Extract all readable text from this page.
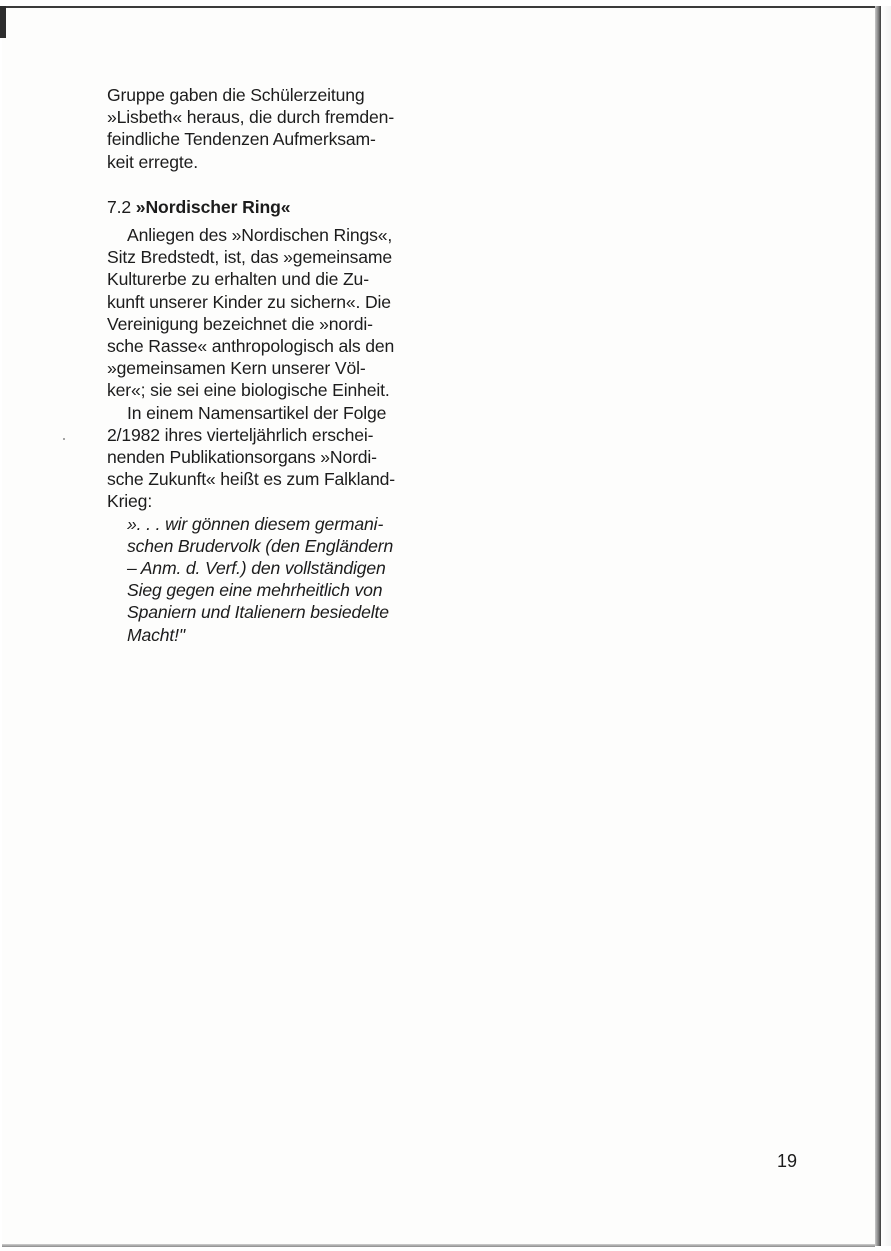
Gruppe gaben die Schülerzeitung
»Lisbeth« heraus, die durch fremden-
feindliche Tendenzen Aufmerksam-
keit erregte.

7.2 »Nordischer Ring«

Anliegen des »Nordischen Rings«,
Sitz Bredstedt, ist, das »gemeinsame
Kulturerbe zu erhalten und die Zu-
kunft unserer Kinder zu sichern«. Die
Vereinigung bezeichnet die »nordi-
sche Rasse« anthropologisch als den
»gemeinsamen Kern unserer Völ-
ker«; sie sei eine biologische Einheit.

In einem Namensartikel der Folge
2/1982 ihres vierteljährlich erschei-
nenden Publikationsorgans »Nordi-
sche Zukunft« heißt es zum Falkland-
Krieg:

». . . wir gönnen diesem germani-
schen Brudervolk (den Engländern
– Anm. d. Verf.) den vollständigen
Sieg gegen eine mehrheitlich von
Spaniern und Italienern besiedelte
Macht!"

19
